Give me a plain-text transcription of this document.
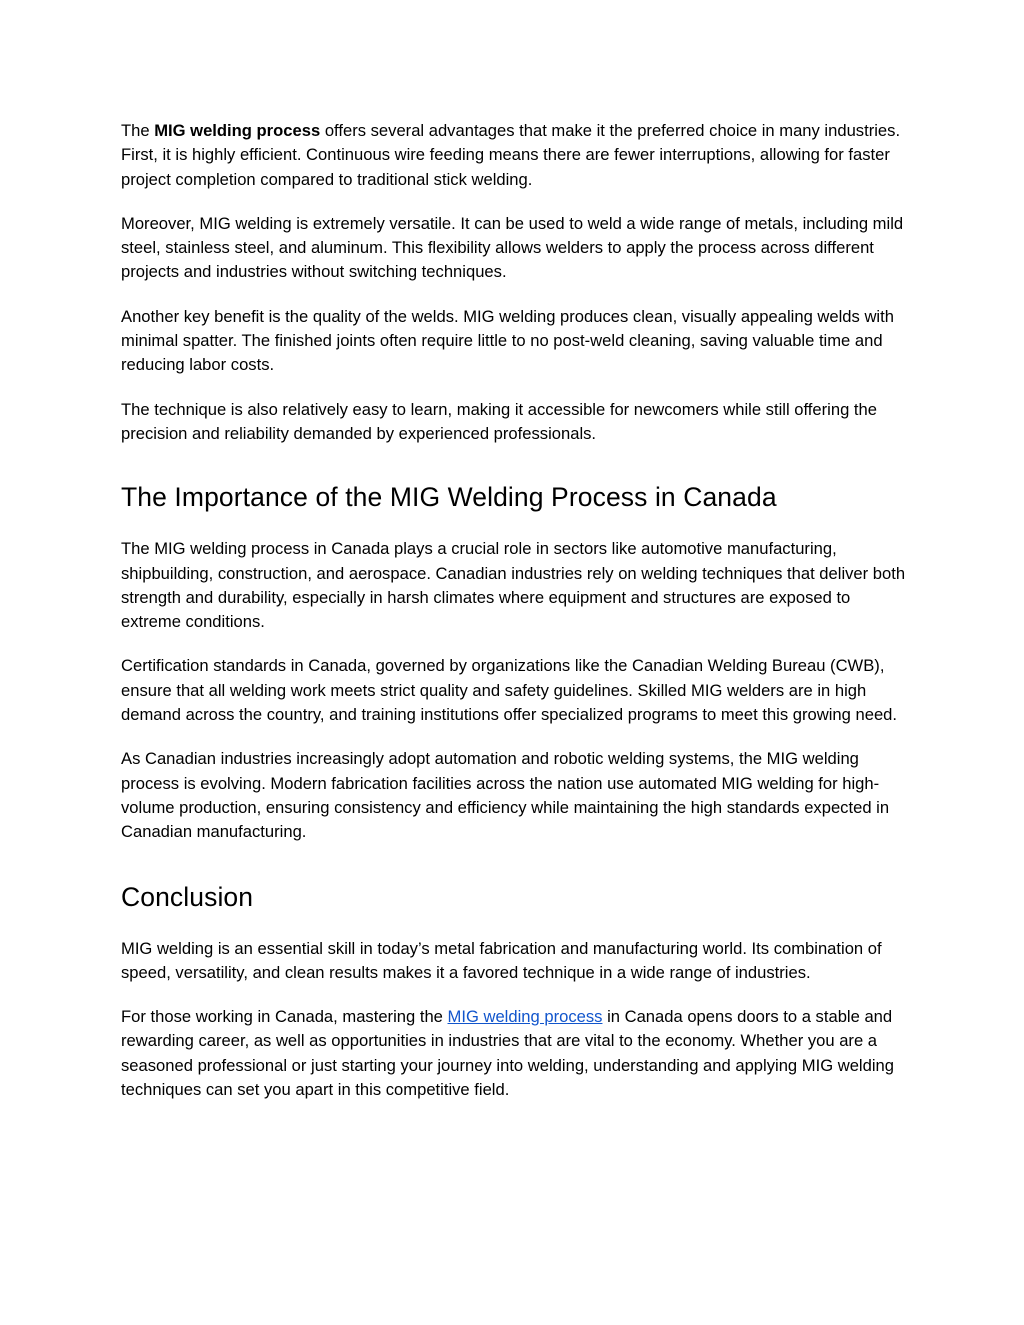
The MIG welding process offers several advantages that make it the preferred choice in many industries. First, it is highly efficient. Continuous wire feeding means there are fewer interruptions, allowing for faster project completion compared to traditional stick welding.

Moreover, MIG welding is extremely versatile. It can be used to weld a wide range of metals, including mild steel, stainless steel, and aluminum. This flexibility allows welders to apply the process across different projects and industries without switching techniques.

Another key benefit is the quality of the welds. MIG welding produces clean, visually appealing welds with minimal spatter. The finished joints often require little to no post-weld cleaning, saving valuable time and reducing labor costs.

The technique is also relatively easy to learn, making it accessible for newcomers while still offering the precision and reliability demanded by experienced professionals.

The Importance of the MIG Welding Process in Canada

The MIG welding process in Canada plays a crucial role in sectors like automotive manufacturing, shipbuilding, construction, and aerospace. Canadian industries rely on welding techniques that deliver both strength and durability, especially in harsh climates where equipment and structures are exposed to extreme conditions.

Certification standards in Canada, governed by organizations like the Canadian Welding Bureau (CWB), ensure that all welding work meets strict quality and safety guidelines. Skilled MIG welders are in high demand across the country, and training institutions offer specialized programs to meet this growing need.

As Canadian industries increasingly adopt automation and robotic welding systems, the MIG welding process is evolving. Modern fabrication facilities across the nation use automated MIG welding for high-volume production, ensuring consistency and efficiency while maintaining the high standards expected in Canadian manufacturing.

Conclusion

MIG welding is an essential skill in today’s metal fabrication and manufacturing world. Its combination of speed, versatility, and clean results makes it a favored technique in a wide range of industries.

For those working in Canada, mastering the MIG welding process in Canada opens doors to a stable and rewarding career, as well as opportunities in industries that are vital to the economy. Whether you are a seasoned professional or just starting your journey into welding, understanding and applying MIG welding techniques can set you apart in this competitive field.
